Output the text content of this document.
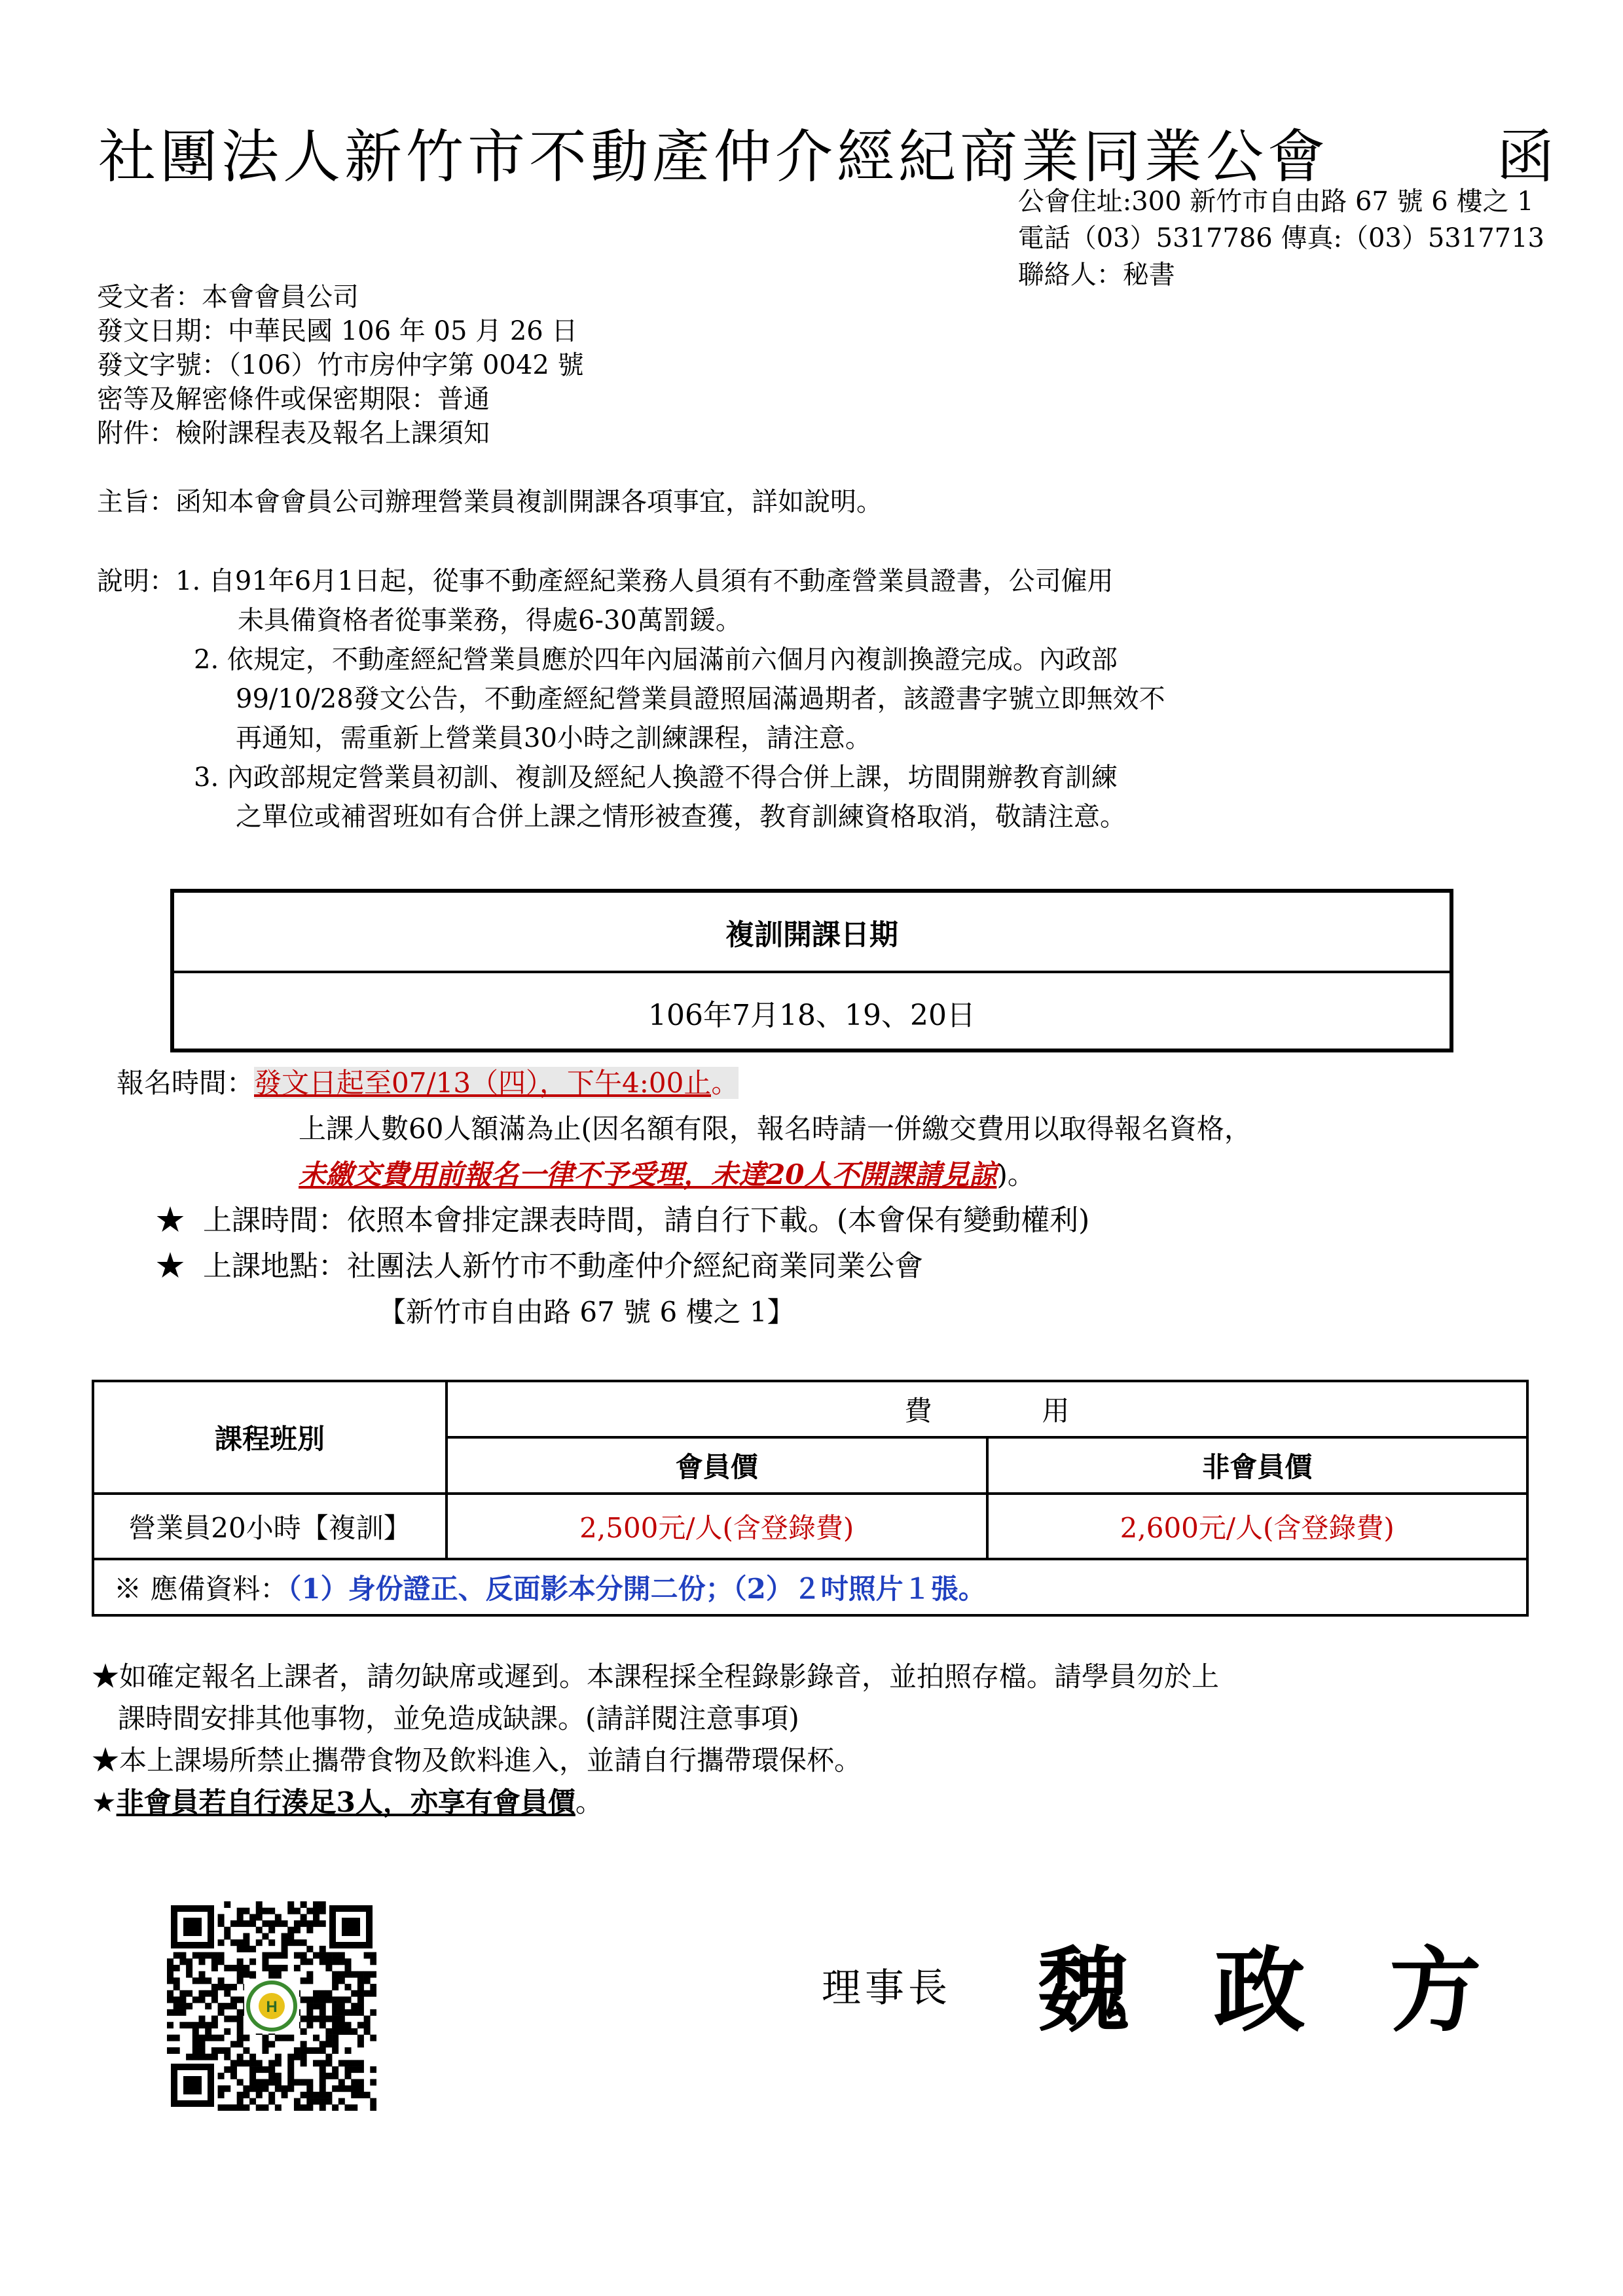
社團法人新竹市不動產仲介經紀商業同業公會	函
公會住址:300 新竹市自由路 67 號 6 樓之 1
電話（03）5317786 傳真:（03）5317713
聯絡人：秘書
受文者：本會會員公司
發文日期：中華民國 106 年 05 月 26 日
發文字號：（106）竹市房仲字第 0042 號
密等及解密條件或保密期限：普通
附件：檢附課程表及報名上課須知
主旨：函知本會會員公司辦理營業員複訓開課各項事宜，詳如說明。
說明：1. 自91年6月1日起，從事不動產經紀業務人員須有不動產營業員證書，公司僱用
未具備資格者從事業務，得處6-30萬罰鍰。
2. 依規定，不動產經紀營業員應於四年內屆滿前六個月內複訓換證完成。內政部
99/10/28發文公告，不動產經紀營業員證照屆滿過期者，該證書字號立即無效不
再通知，需重新上營業員30小時之訓練課程，請注意。
3. 內政部規定營業員初訓、複訓及經紀人換證不得合併上課，坊間開辦教育訓練
之單位或補習班如有合併上課之情形被查獲，教育訓練資格取消，敬請注意。
複訓開課日期
106年7月18、19、20日
報名時間：發文日起至07/13（四），下午4:00止。
上課人數60人額滿為止(因名額有限，報名時請一併繳交費用以取得報名資格，
未繳交費用前報名一律不予受理，未達20人不開課請見諒)。
★ 上課時間：依照本會排定課表時間，請自行下載。(本會保有變動權利)
★ 上課地點：社團法人新竹市不動產仲介經紀商業同業公會
【新竹市自由路 67 號 6 樓之 1】
課程班別	費　　　　用	
	會員價	非會員價
營業員20小時【複訓】	2,500元/人(含登錄費)	2,600元/人(含登錄費)
※ 應備資料：（1）身份證正、反面影本分開二份；（2）２吋照片１張。		
★如確定報名上課者，請勿缺席或遲到。本課程採全程錄影錄音，並拍照存檔。請學員勿於上
課時間安排其他事物，並免造成缺課。(請詳閱注意事項)
★本上課場所禁止攜帶食物及飲料進入，並請自行攜帶環保杯。
★非會員若自行湊足3人，亦享有會員價。
H	理事長 魏 政 方
